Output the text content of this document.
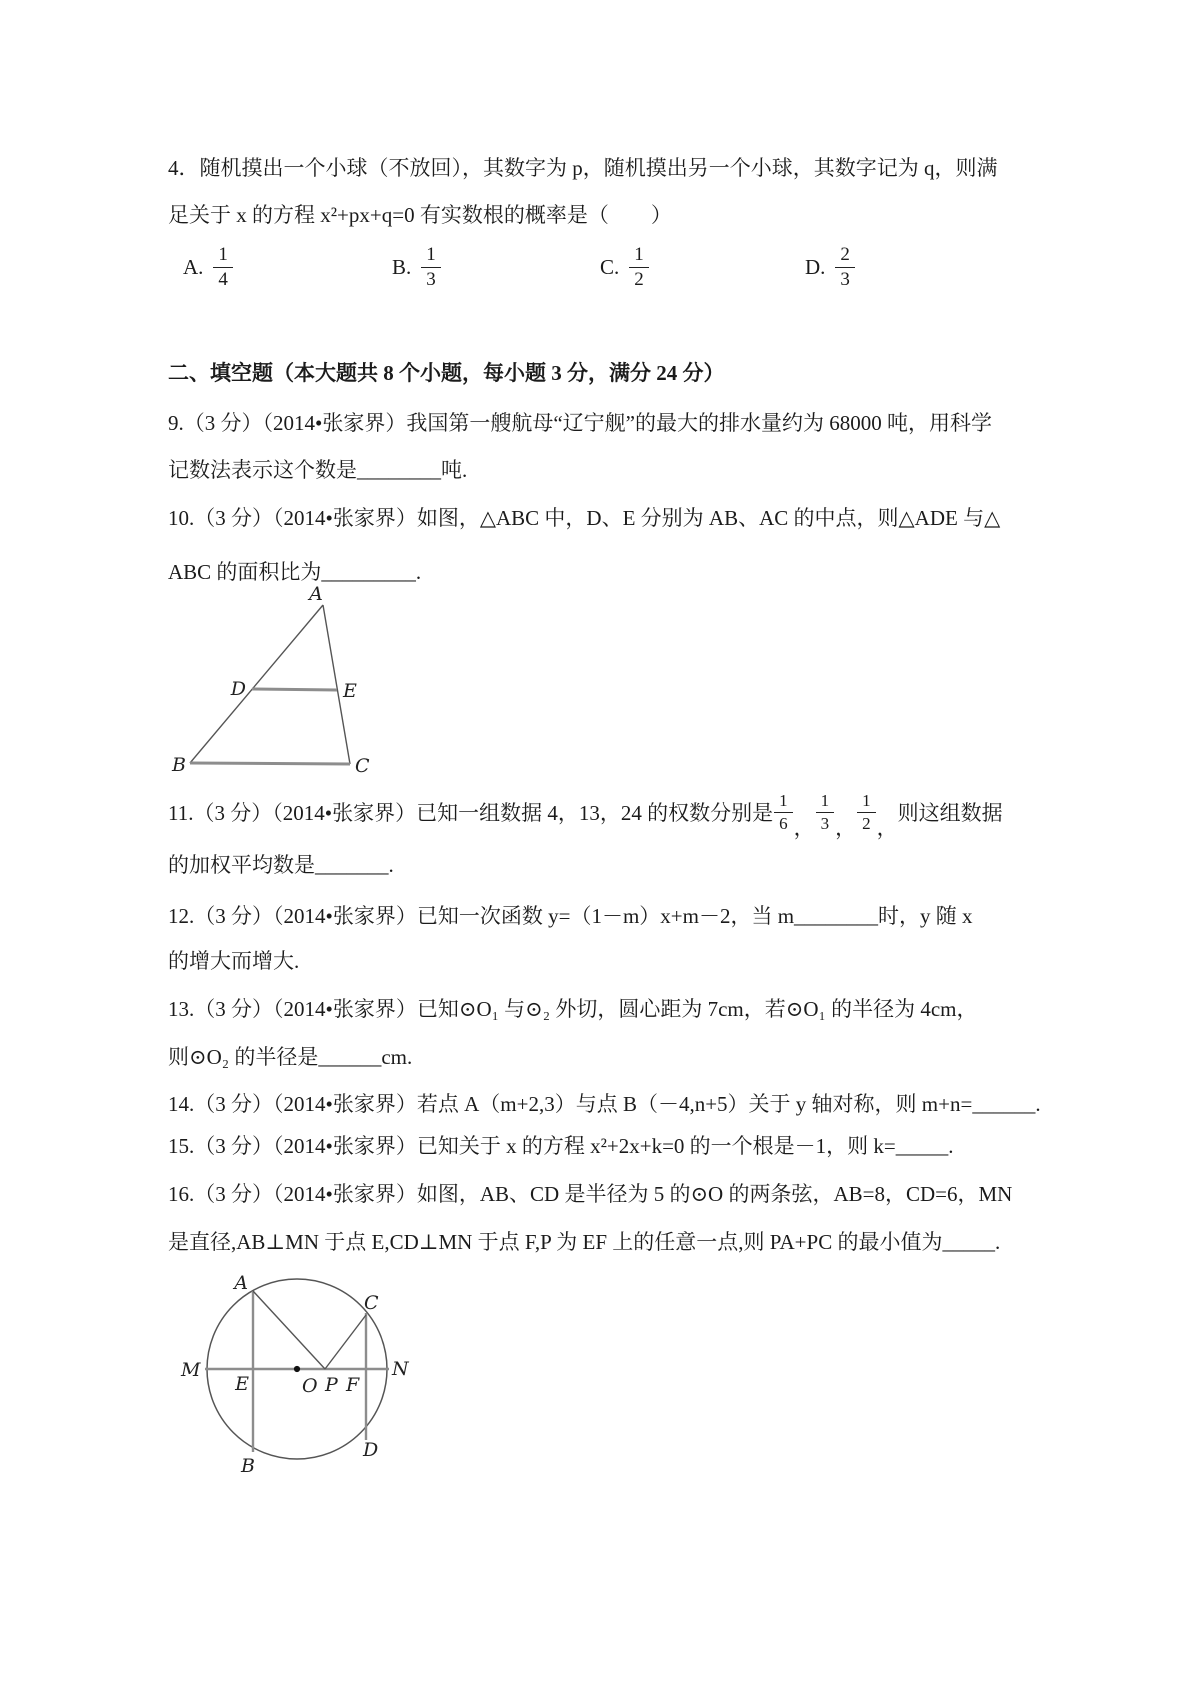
4．随机摸出一个小球（不放回），其数字为 p，随机摸出另一个小球，其数字记为 q，则满
足关于 x 的方程 x²+px+q=0 有实数根的概率是（　　）
A. $\frac{1}{4}$	B. $\frac{1}{3}$	C. $\frac{1}{2}$	D. $\frac{2}{3}$
二、填空题（本大题共 8 个小题，每小题 3 分，满分 24 分）
9.（3 分）（2014•张家界）我国第一艘航母“辽宁舰”的最大的排水量约为 68000 吨，用科学
记数法表示这个数是________吨.
10.（3 分）（2014•张家界）如图，△ABC 中，D、E 分别为 AB、AC 的中点，则△ADE 与△
ABC 的面积比为_________.
A
D	E
B	C
11.（3 分）（2014•张家界）已知一组数据 4，13，24 的权数分别是 $\frac{1}{6}$ ， $\frac{1}{3}$ ， $\frac{1}{2}$ ，
则这组数据
的加权平均数是_______.
12.（3 分）（2014•张家界）已知一次函数 y=（1－m）x+m－2，当 m________时，y 随 x
的增大而增大.
13.（3 分）（2014•张家界）已知⊙O₁ 与⊙₂ 外切，圆心距为 7cm，若⊙O₁ 的半径为 4cm，
则⊙O₂ 的半径是______cm.
14.（3 分）（2014•张家界）若点 A（m+2,3）与点 B（－4,n+5）关于 y 轴对称，则 m+n=______.
15.（3 分）（2014•张家界）已知关于 x 的方程 x²+2x+k=0 的一个根是－1，则 k=_____.
16.（3 分）（2014•张家界）如图，AB、CD 是半径为 5 的⊙O 的两条弦，AB=8，CD=6，MN
是直径,AB⊥MN 于点 E,CD⊥MN 于点 F,P 为 EF 上的任意一点,则 PA+PC 的最小值为_____.
A
C
M	N
E	O P F
B
D
